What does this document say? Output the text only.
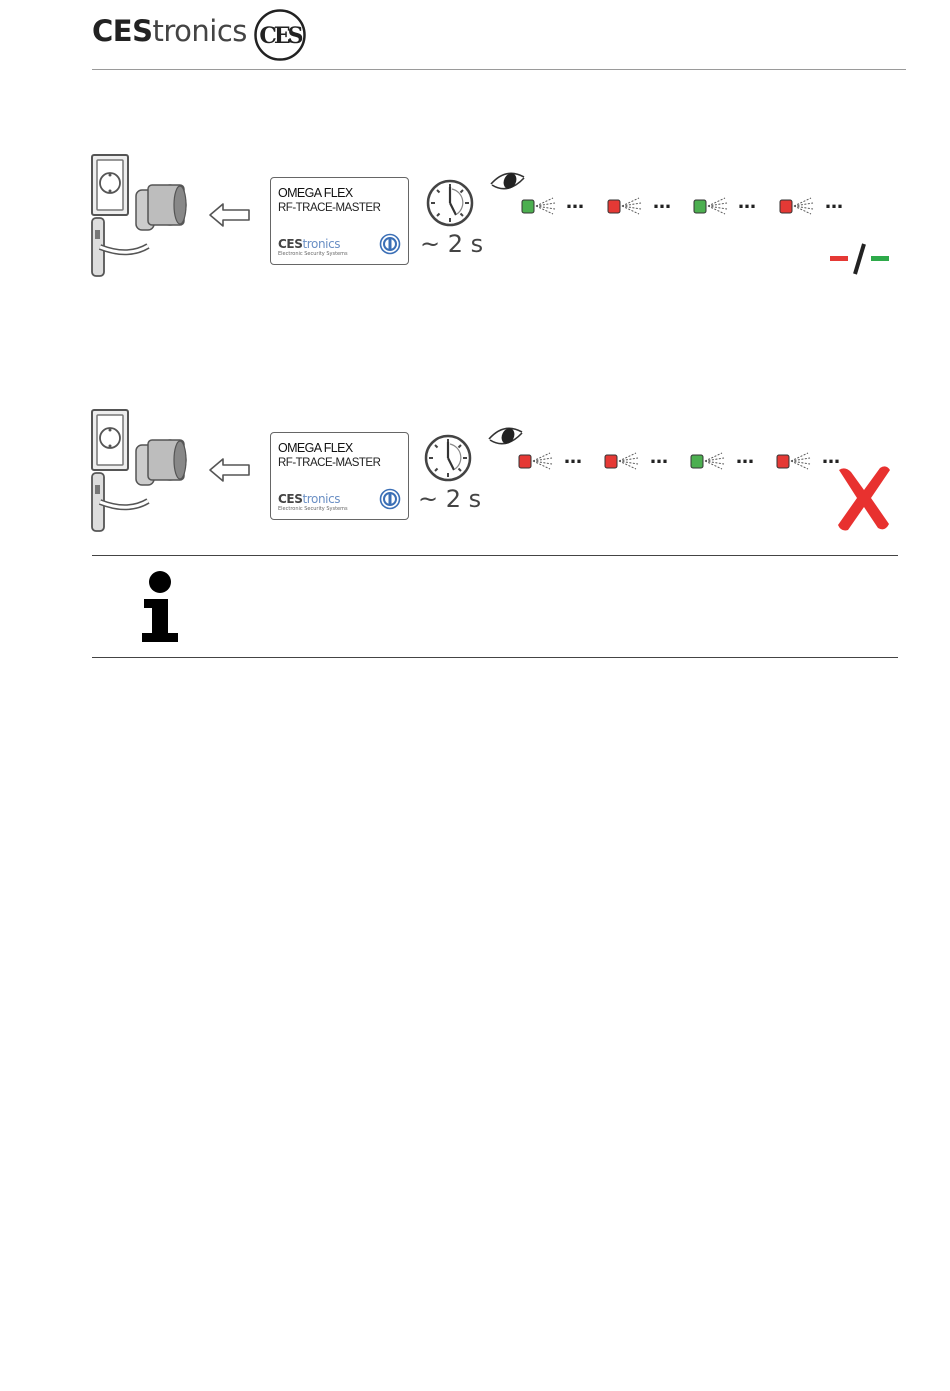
CEStronics CES
OMEGA FLEX
RF-TRACE-MASTER
CEStronics
Electronic Security Systems	~ 2 s
…	…	…	…
OMEGA FLEX
RF-TRACE-MASTER
CEStronics
Electronic Security Systems	~ 2 s
…	…	…	…
